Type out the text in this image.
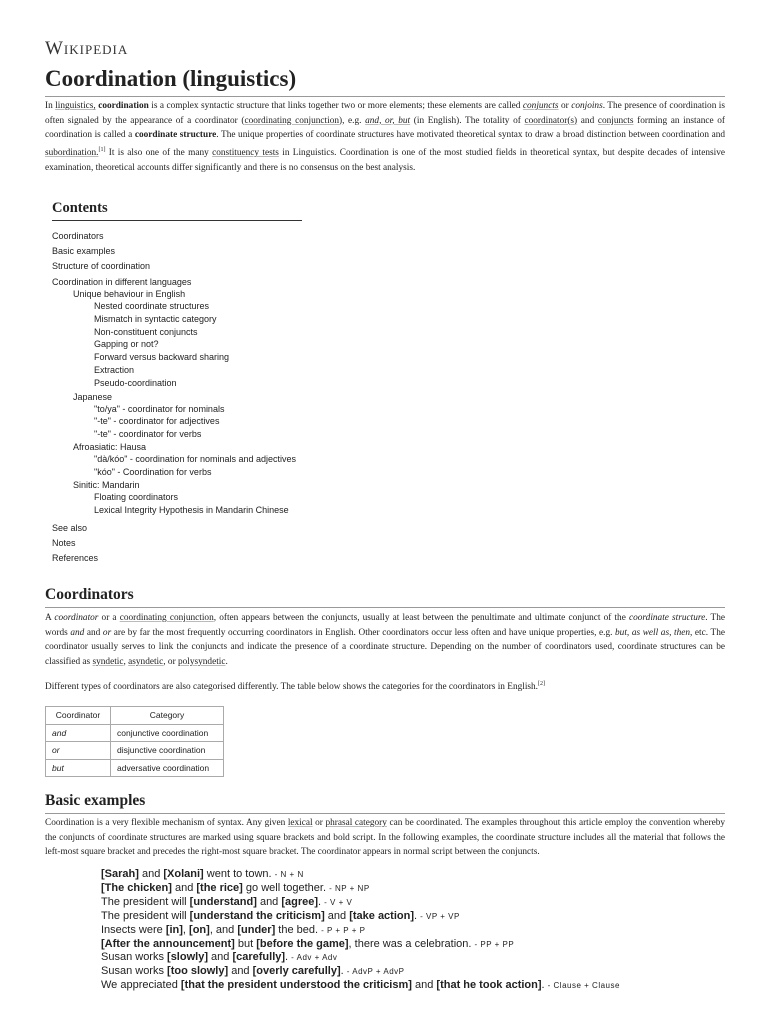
Wikipedia
Coordination (linguistics)

In linguistics, coordination is a complex syntactic structure that links together two or more elements; these elements are called conjuncts or conjoins. The presence of coordination is often signaled by the appearance of a coordinator (coordinating conjunction), e.g. and, or, but (in English). The totality of coordinator(s) and conjuncts forming an instance of coordination is called a coordinate structure. The unique properties of coordinate structures have motivated theoretical syntax to draw a broad distinction between coordination and subordination.[1] It is also one of the many constituency tests in Linguistics. Coordination is one of the most studied fields in theoretical syntax, but despite decades of intensive examination, theoretical accounts differ significantly and there is no consensus on the best analysis.

Contents
Coordinators
Basic examples
Structure of coordination
Coordination in different languages
Unique behaviour in English
Nested coordinate structures
Mismatch in syntactic category
Non-constituent conjuncts
Gapping or not?
Forward versus backward sharing
Extraction
Pseudo-coordination
Japanese
"to/ya" - coordinator for nominals
"-te" - coordinator for adjectives
"-te" - coordinator for verbs
Afroasiatic: Hausa
"dà/kóo" - coordination for nominals and adjectives
"kóo" - Coordination for verbs
Sinitic: Mandarin
Floating coordinators
Lexical Integrity Hypothesis in Mandarin Chinese
See also
Notes
References
Coordinators

A coordinator or a coordinating conjunction, often appears between the conjuncts, usually at least between the penultimate and ultimate conjunct of the coordinate structure. The words and and or are by far the most frequently occurring coordinators in English. Other coordinators occur less often and have unique properties, e.g. but, as well as, then, etc. The coordinator usually serves to link the conjuncts and indicate the presence of a coordinate structure. Depending on the number of coordinators used, coordinate structures can be classified as syndetic, asyndetic, or polysyndetic.

Different types of coordinators are also categorised differently. The table below shows the categories for the coordinators in English.[2]

Coordinator	Category
and	conjunctive coordination
or	disjunctive coordination
but	adversative coordination
Basic examples

Coordination is a very flexible mechanism of syntax. Any given lexical or phrasal category can be coordinated. The examples throughout this article employ the convention whereby the conjuncts of coordinate structures are marked using square brackets and bold script. In the following examples, the coordinate structure includes all the material that follows the left-most square bracket and precedes the right-most square bracket. The coordinator appears in normal script between the conjuncts.

[Sarah] and [Xolani] went to town. - N + N
[The chicken] and [the rice] go well together. - NP + NP
The president will [understand] and [agree]. - V + V
The president will [understand the criticism] and [take action]. - VP + VP
Insects were [in], [on], and [under] the bed. - P + P + P
[After the announcement] but [before the game], there was a celebration. - PP + PP
Susan works [slowly] and [carefully]. - Adv + Adv
Susan works [too slowly] and [overly carefully]. - AdvP + AdvP
We appreciated [that the president understood the criticism] and [that he took action]. - Clause + Clause
